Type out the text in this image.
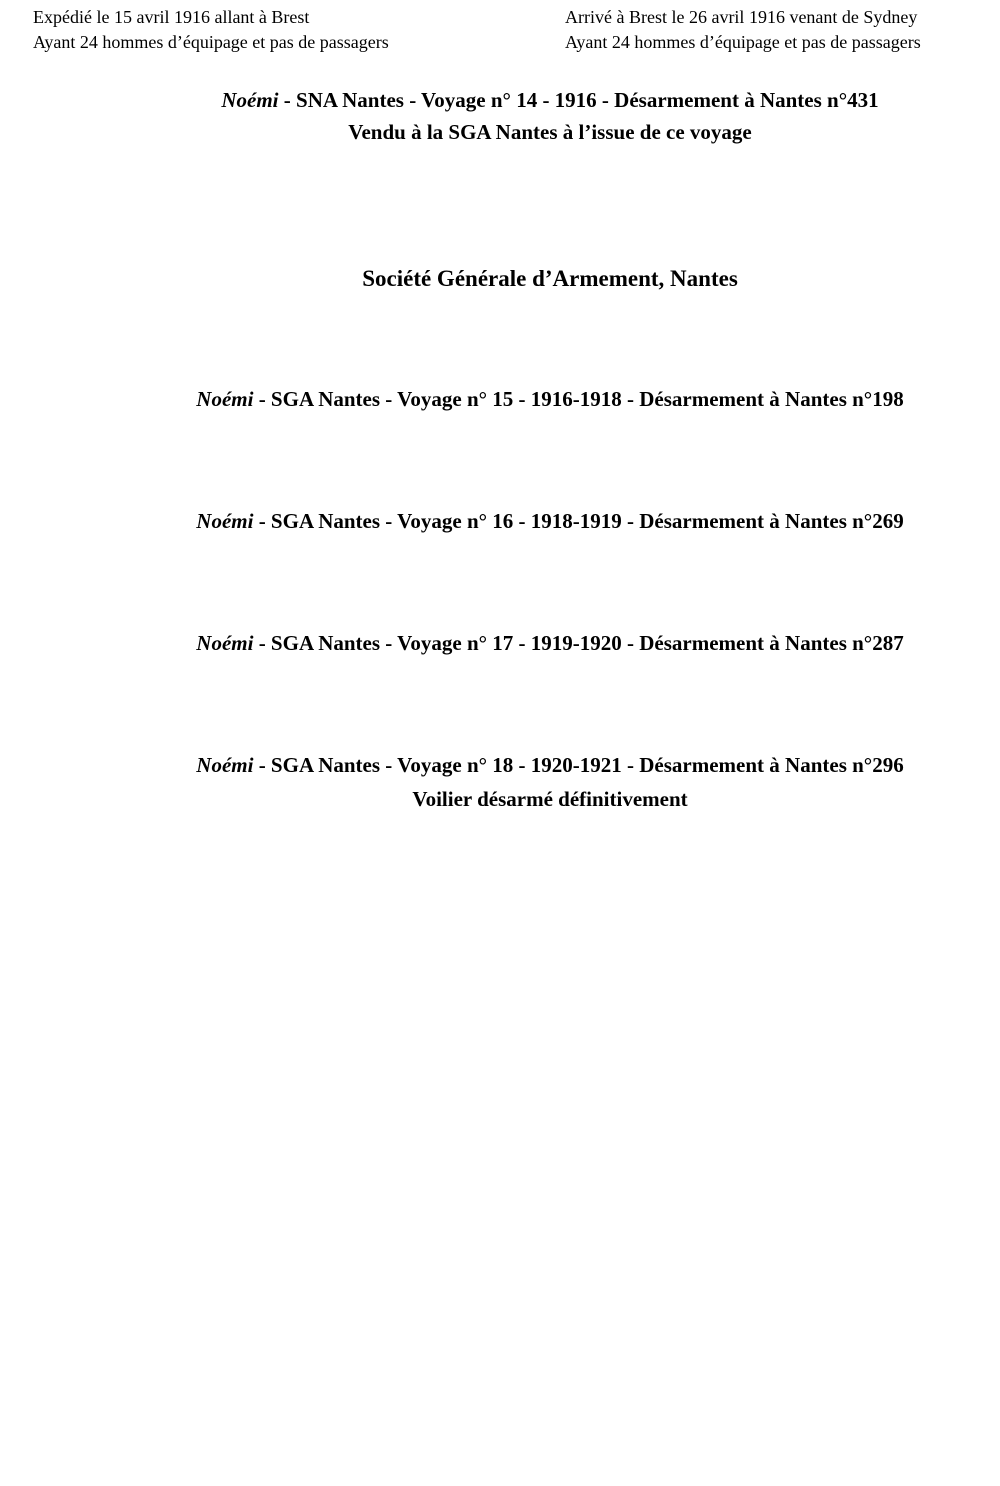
Expédié le 15 avril 1916 allant à Brest
Ayant 24 hommes d’équipage et pas de passagers
Arrivé à Brest le 26 avril 1916 venant de Sydney
Ayant 24 hommes d’équipage et pas de passagers
Noémi - SNA Nantes - Voyage n° 14 - 1916 - Désarmement à Nantes n°431
Vendu à la SGA Nantes à l’issue de ce voyage
Société Générale d’Armement, Nantes
Noémi - SGA Nantes - Voyage n° 15 - 1916-1918 - Désarmement à Nantes n°198
Noémi - SGA Nantes - Voyage n° 16 - 1918-1919 - Désarmement à Nantes n°269
Noémi - SGA Nantes - Voyage n° 17 - 1919-1920 - Désarmement à Nantes n°287
Noémi - SGA Nantes - Voyage n° 18 - 1920-1921 - Désarmement à Nantes n°296
Voilier désarmé définitivement
